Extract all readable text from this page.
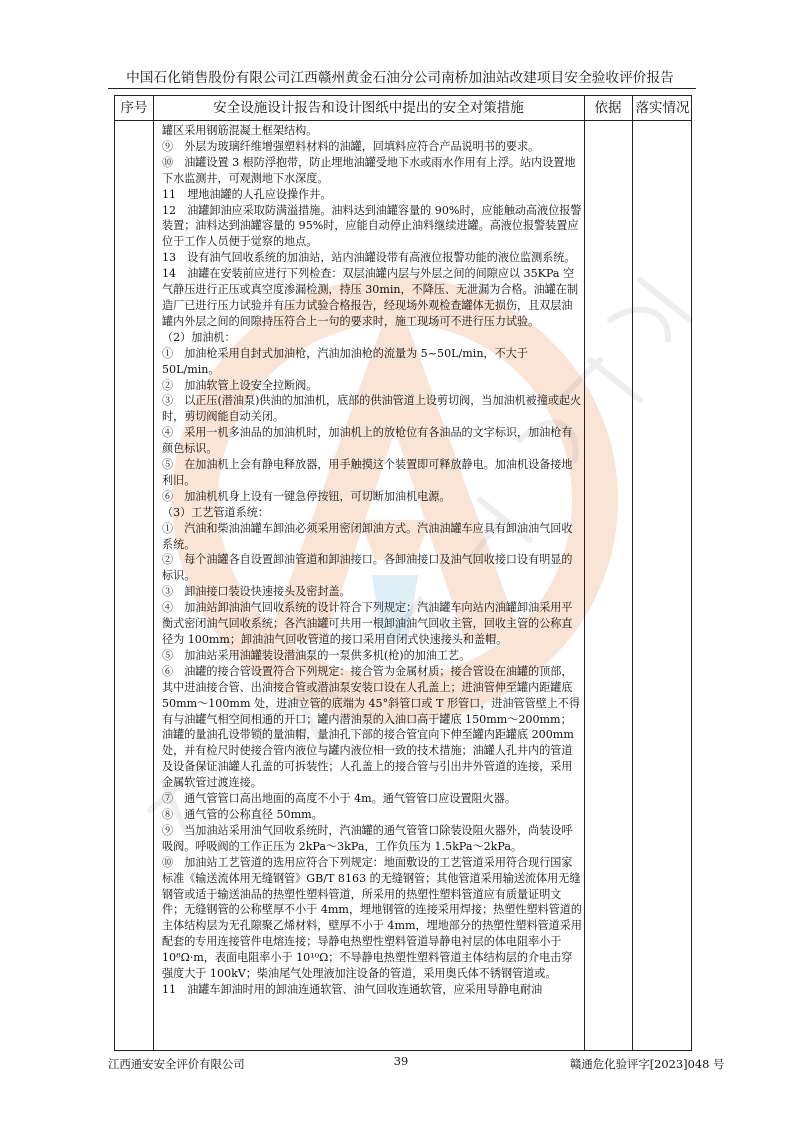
中国石化销售股份有限公司江西赣州黄金石油分公司南桥加油站改建项目安全验收评价报告
序号	安全设施设计报告和设计图纸中提出的安全对策措施	依据	落实情况

罐区采用钢筋混凝土框架结构。

⑨　外层为玻璃纤维增强塑料材料的油罐，回填料应符合产品说明书的要求。

⑩　油罐设置 3 根防浮抱带，防止埋地油罐受地下水或雨水作用有上浮。站内设置地下水监测井，可观测地下水深度。

11　埋地油罐的人孔应设操作井。

12　油罐卸油应采取防满溢措施。油料达到油罐容量的 90%时，应能触动高液位报警装置；油料达到油罐容量的 95%时，应能自动停止油料继续进罐。高液位报警装置应位于工作人员便于觉察的地点。

13　设有油气回收系统的加油站，站内油罐设带有高液位报警功能的液位监测系统。

14　油罐在安装前应进行下列检查：双层油罐内层与外层之间的间隙应以 35KPa 空气静压进行正压或真空度渗漏检测，持压 30min，不降压、无泄漏为合格。油罐在制造厂已进行压力试验并有压力试验合格报告，经现场外观检查罐体无损伤，且双层油罐内外层之间的间隙持压符合上一句的要求时，施工现场可不进行压力试验。

（2）加油机：

①　加油枪采用自封式加油枪，汽油加油枪的流量为 5~50L/min，不大于 50L/min。

②　加油软管上设安全拉断阀。

③　以正压(潜油泵)供油的加油机，底部的供油管道上设剪切阀，当加油机被撞或起火时，剪切阀能自动关闭。

④　采用一机多油品的加油机时，加油机上的放枪位有各油品的文字标识，加油枪有颜色标识。

⑤　在加油机上会有静电释放器，用手触摸这个装置即可释放静电。加油机设备接地利旧。

⑥　加油机机身上设有一键急停按钮，可切断加油机电源。

（3）工艺管道系统：

①　汽油和柴油油罐车卸油必须采用密闭卸油方式。汽油油罐车应具有卸油油气回收系统。

②　每个油罐各自设置卸油管道和卸油接口。各卸油接口及油气回收接口设有明显的标识。

③　卸油接口装设快速接头及密封盖。

④　加油站卸油油气回收系统的设计符合下列规定：汽油罐车向站内油罐卸油采用平衡式密闭油气回收系统；各汽油罐可共用一根卸油油气回收主管，回收主管的公称直径为 100mm；卸油油气回收管道的接口采用自闭式快速接头和盖帽。

⑤　加油站采用油罐装设潜油泵的一泵供多机(枪)的加油工艺。

⑥　油罐的接合管设置符合下列规定：接合管为金属材质；接合管设在油罐的顶部，其中进油接合管、出油接合管或潜油泵安装口设在人孔盖上；进油管伸至罐内距罐底 50mm～100mm 处，进油立管的底端为 45°斜管口或 T 形管口，进油管管壁上不得有与油罐气相空间相通的开口；罐内潜油泵的入油口高于罐底 150mm～200mm；油罐的量油孔设带锁的量油帽，量油孔下部的接合管宜向下伸至罐内距罐底 200mm 处，并有检尺时使接合管内液位与罐内液位相一致的技术措施；油罐人孔井内的管道及设备保证油罐人孔盖的可拆装性；人孔盖上的接合管与引出井外管道的连接，采用金属软管过渡连接。

⑦　通气管管口高出地面的高度不小于 4m。通气管管口应设置阻火器。

⑧　通气管的公称直径 50mm。

⑨　当加油站采用油气回收系统时，汽油罐的通气管管口除装设阻火器外，尚装设呼吸阀。呼吸阀的工作正压为 2kPa～3kPa，工作负压为 1.5kPa～2kPa。

⑩　加油站工艺管道的选用应符合下列规定：地面敷设的工艺管道采用符合现行国家标准《输送流体用无缝钢管》GB/T 8163 的无缝钢管；其他管道采用输送流体用无缝钢管或适于输送油品的热塑性塑料管道，所采用的热塑性塑料管道应有质量证明文件；无缝钢管的公称壁厚不小于 4mm，埋地钢管的连接采用焊接；热塑性塑料管道的主体结构层为无孔隙聚乙烯材料，壁厚不小于 4mm，埋地部分的热塑性塑料管道采用配套的专用连接管件电熔连接；导静电热塑性塑料管道导静电衬层的体电阻率小于 10⁸Ω·m，表面电阻率小于 10¹⁰Ω；不导静电热塑性塑料管道主体结构层的介电击穿强度大于 100kV；柴油尾气处理液加注设备的管道，采用奥氏体不锈钢管道或。

11　油罐车卸油时用的卸油连通软管、油气回收连通软管，应采用导静电耐油

江西通安安全评价有限公司	39	赣通危化验评字[2023]048 号
